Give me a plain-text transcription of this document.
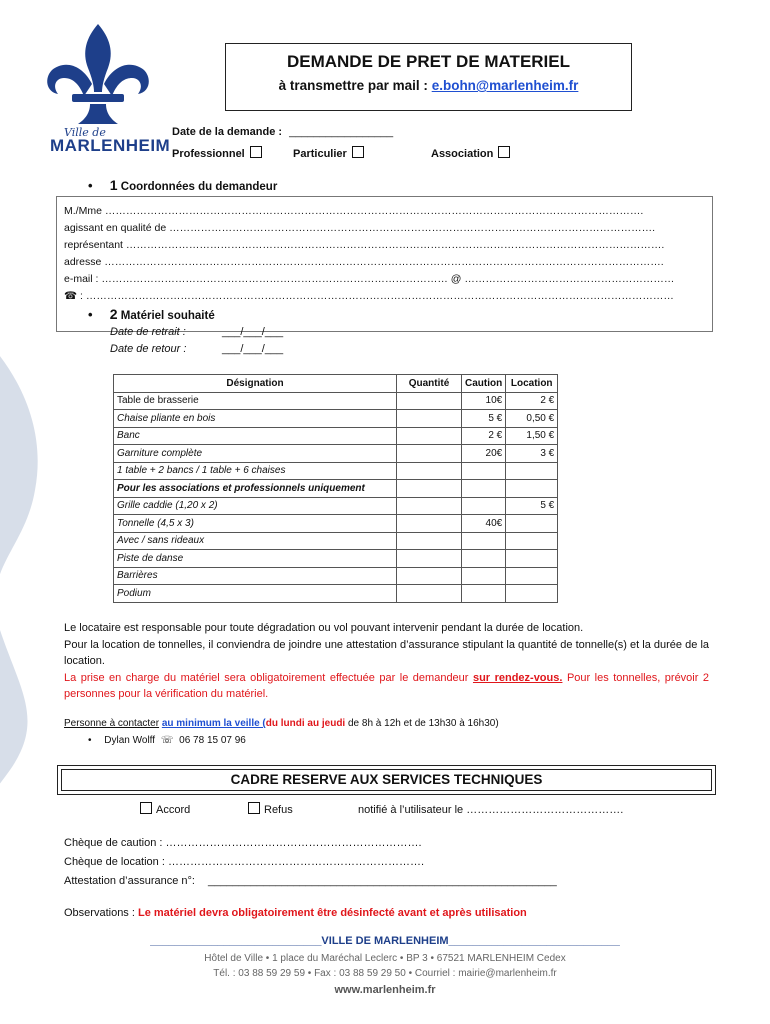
Ville de
MARLENHEIM
DEMANDE DE PRET DE MATERIEL
à transmettre par mail : e.bohn@marlenheim.fr
Date de la demande : _________________
Professionnel	Particulier	Association
• 1 Coordonnées du demandeur
M./Mme ……………………………………………………………………………………………………………………………………….
agissant en qualité de ………………………………………………………………………………………………………………………….
représentant ……………………………………………………………………………………………………………………………………….
adresse …………………………………………………………………………………………………………………………………………….
e-mail : ……………………………………………………………………………………… @ ……………………………………………………
☎ : ……………………………………………………………………………………………………………………………………………………
• 2 Matériel souhaité
Date de retrait :	___/___/___
Date de retour :	___/___/___
Désignation	Quantité	Caution	Location
Table de brasserie		10€	2 €
Chaise pliante en bois		5 €	0,50 €
Banc		2 €	1,50 €
Garniture complète		20€	3 €
1 table + 2 bancs / 1 table + 6 chaises			
Pour les associations et professionnels uniquement			
Grille caddie (1,20 x 2)			5 €
Tonnelle (4,5 x 3)		40€	
Avec / sans rideaux			
Piste de danse			
Barrières			
Podium			
Le locataire est responsable pour toute dégradation ou vol pouvant intervenir pendant la durée de location.
Pour la location de tonnelles, il conviendra de joindre une attestation d’assurance stipulant la quantité de tonnelle(s) et la durée de la location.
La prise en charge du matériel sera obligatoirement effectuée par le demandeur sur rendez-vous. Pour les tonnelles, prévoir 2 personnes pour la vérification du matériel.
Personne à contacter au minimum la veille (du lundi au jeudi de 8h à 12h et de 13h30 à 16h30)
• Dylan Wolff ☏ 06 78 15 07 96
CADRE RESERVE AUX SERVICES TECHNIQUES
Accord	Refus	notifié à l’utilisateur le …………………………………….
Chèque de caution : …………………………………………………………….
Chèque de location : …………………………………………………………….
Attestation d’assurance n°: _________________________________________________________
Observations : Le matériel devra obligatoirement être désinfecté avant et après utilisation
____________________________VILLE DE MARLENHEIM____________________________
Hôtel de Ville • 1 place du Maréchal Leclerc • BP 3 • 67521 MARLENHEIM Cedex
Tél. : 03 88 59 29 59 • Fax : 03 88 59 29 50 • Courriel : mairie@marlenheim.fr
www.marlenheim.fr
